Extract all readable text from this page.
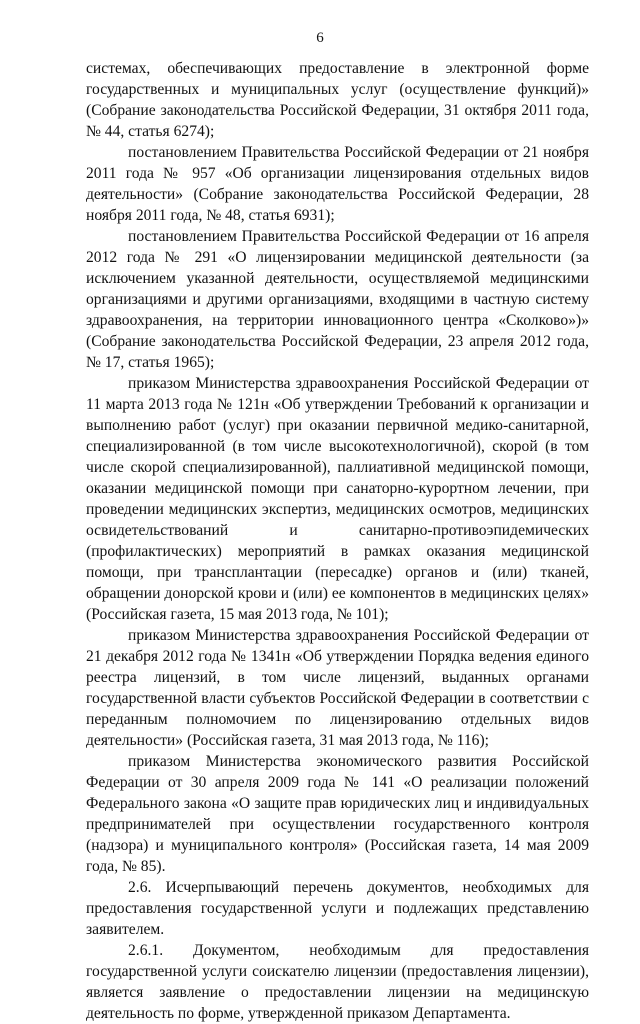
6

системах, обеспечивающих предоставление в электронной форме государственных и муниципальных услуг (осуществление функций)» (Собрание законодательства Российской Федерации, 31 октября 2011 года, № 44, статья 6274);

постановлением Правительства Российской Федерации от 21 ноября 2011 года № 957 «Об организации лицензирования отдельных видов деятельности» (Собрание законодательства Российской Федерации, 28 ноября 2011 года, № 48, статья 6931);

постановлением Правительства Российской Федерации от 16 апреля 2012 года № 291 «О лицензировании медицинской деятельности (за исключением указанной деятельности, осуществляемой медицинскими организациями и другими организациями, входящими в частную систему здравоохранения, на территории инновационного центра «Сколково»)» (Собрание законодательства Российской Федерации, 23 апреля 2012 года, № 17, статья 1965);

приказом Министерства здравоохранения Российской Федерации от 11 марта 2013 года № 121н «Об утверждении Требований к организации и выполнению работ (услуг) при оказании первичной медико-санитарной, специализированной (в том числе высокотехнологичной), скорой (в том числе скорой специализированной), паллиативной медицинской помощи, оказании медицинской помощи при санаторно-курортном лечении, при проведении медицинских экспертиз, медицинских осмотров, медицинских освидетельствований и санитарно-противоэпидемических (профилактических) мероприятий в рамках оказания медицинской помощи, при трансплантации (пересадке) органов и (или) тканей, обращении донорской крови и (или) ее компонентов в медицинских целях» (Российская газета, 15 мая 2013 года, № 101);

приказом Министерства здравоохранения Российской Федерации от 21 декабря 2012 года № 1341н «Об утверждении Порядка ведения единого реестра лицензий, в том числе лицензий, выданных органами государственной власти субъектов Российской Федерации в соответствии с переданным полномочием по лицензированию отдельных видов деятельности» (Российская газета, 31 мая 2013 года, № 116);

приказом Министерства экономического развития Российской Федерации от 30 апреля 2009 года № 141 «О реализации положений Федерального закона «О защите прав юридических лиц и индивидуальных предпринимателей при осуществлении государственного контроля (надзора) и муниципального контроля» (Российская газета, 14 мая 2009 года, № 85).

2.6. Исчерпывающий перечень документов, необходимых для предоставления государственной услуги и подлежащих представлению заявителем.

2.6.1. Документом, необходимым для предоставления государственной услуги соискателю лицензии (предоставления лицензии), является заявление о предоставлении лицензии на медицинскую деятельность по форме, утвержденной приказом Департамента.
